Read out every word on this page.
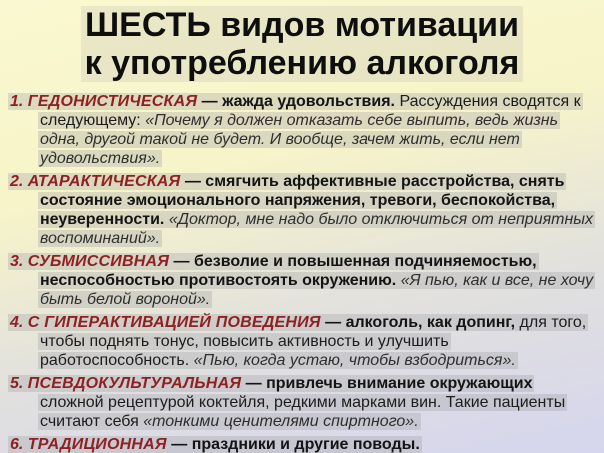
ШЕСТЬ видов мотивации
к употреблению алкоголя
1. ГЕДОНИСТИЧЕСКАЯ — жажда удовольствия. Рассуждения сводятся к следующему: «Почему я должен отказать себе выпить, ведь жизнь одна, другой такой не будет. И вообще, зачем жить, если нет удовольствия».
2. АТАРАКТИЧЕСКАЯ — смягчить аффективные расстройства, снять состояние эмоционального напряжения, тревоги, беспокойства, неуверенности. «Доктор, мне надо было отключиться от неприятных воспоминаний».
3. СУБМИССИВНАЯ — безволие и повышенная подчиняемостью, неспособностью противостоять окружению. «Я пью, как и все, не хочу быть белой вороной».
4. С ГИПЕРАКТИВАЦИЕЙ ПОВЕДЕНИЯ — алкоголь, как допинг, для того, чтобы поднять тонус, повысить активность и улучшить работоспособность. «Пью, когда устаю, чтобы взбодриться».
5. ПСЕВДОКУЛЬТУРАЛЬНАЯ — привлечь внимание окружающих сложной рецептурой коктейля, редкими марками вин. Такие пациенты считают себя «тонкими ценителями спиртного».
6. ТРАДИЦИОННАЯ — праздники и другие поводы.
